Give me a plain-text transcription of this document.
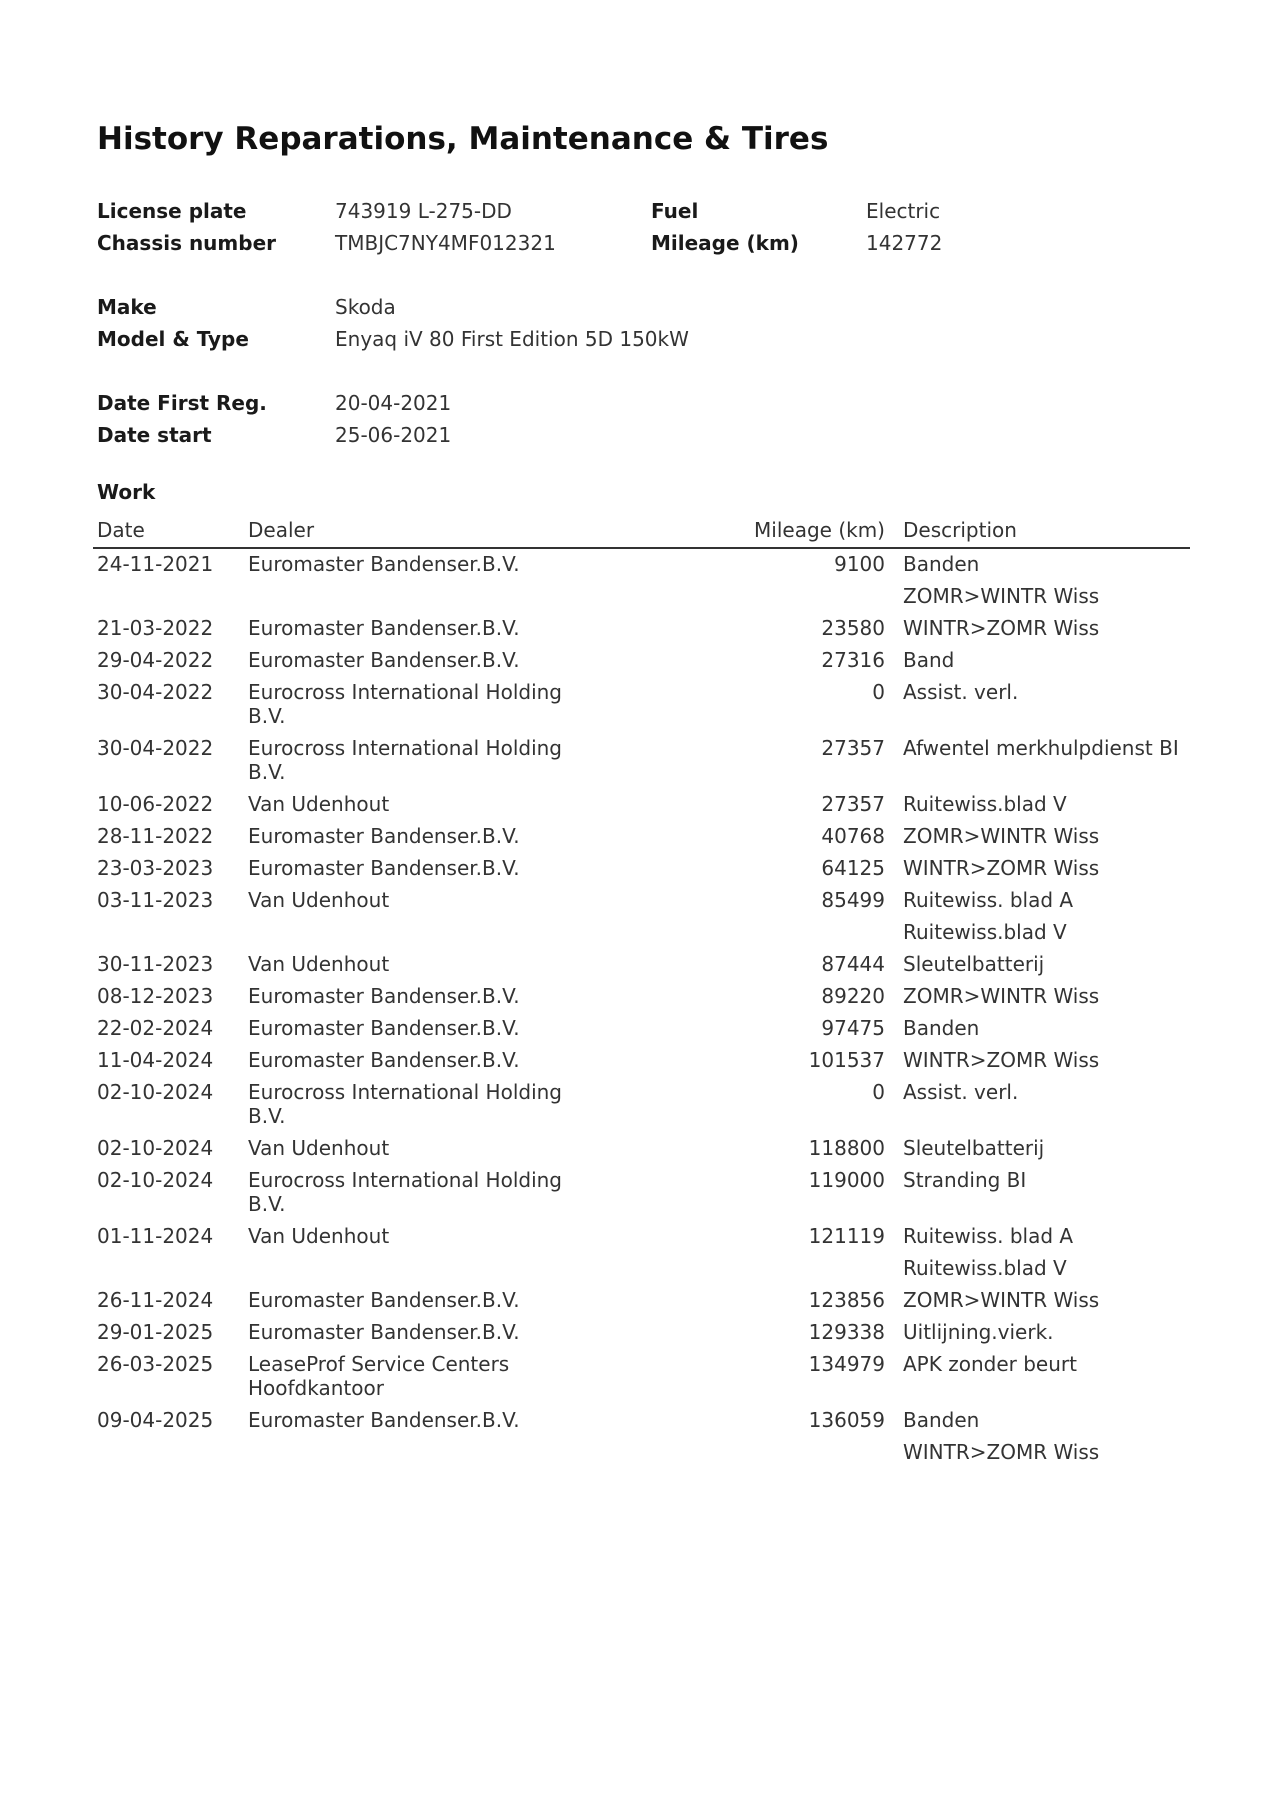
History Reparations, Maintenance & Tires
License plate	743919 L-275-DD	Fuel	Electric
Chassis number	TMBJC7NY4MF012321	Mileage (km)	142772
Make	Skoda
Model & Type	Enyaq iV 80 First Edition 5D 150kW
Date First Reg.	20-04-2021
Date start	25-06-2021
Work
Date	Dealer	Mileage (km)	Description
24-11-2021	Euromaster Bandenser.B.V.	9100	Banden
ZOMR>WINTR Wiss

21-03-2022	Euromaster Bandenser.B.V.	23580	WINTR>ZOMR Wiss

29-04-2022	Euromaster Bandenser.B.V.	27316	Band

30-04-2022	Eurocross International Holding B.V.	0	Assist. verl.

30-04-2022	Eurocross International Holding B.V.	27357	Afwentel merkhulpdienst BI

10-06-2022	Van Udenhout	27357	Ruitewiss.blad V

28-11-2022	Euromaster Bandenser.B.V.	40768	ZOMR>WINTR Wiss

23-03-2023	Euromaster Bandenser.B.V.	64125	WINTR>ZOMR Wiss

03-11-2023	Van Udenhout	85499	Ruitewiss. blad A
Ruitewiss.blad V

30-11-2023	Van Udenhout	87444	Sleutelbatterij

08-12-2023	Euromaster Bandenser.B.V.	89220	ZOMR>WINTR Wiss

22-02-2024	Euromaster Bandenser.B.V.	97475	Banden

11-04-2024	Euromaster Bandenser.B.V.	101537	WINTR>ZOMR Wiss

02-10-2024	Eurocross International Holding B.V.	0	Assist. verl.

02-10-2024	Van Udenhout	118800	Sleutelbatterij

02-10-2024	Eurocross International Holding B.V.	119000	Stranding BI

01-11-2024	Van Udenhout	121119	Ruitewiss. blad A
Ruitewiss.blad V

26-11-2024	Euromaster Bandenser.B.V.	123856	ZOMR>WINTR Wiss

29-01-2025	Euromaster Bandenser.B.V.	129338	Uitlijning.vierk.

26-03-2025	LeaseProf Service Centers Hoofdkantoor	134979	APK zonder beurt

09-04-2025	Euromaster Bandenser.B.V.	136059	Banden
WINTR>ZOMR Wiss
